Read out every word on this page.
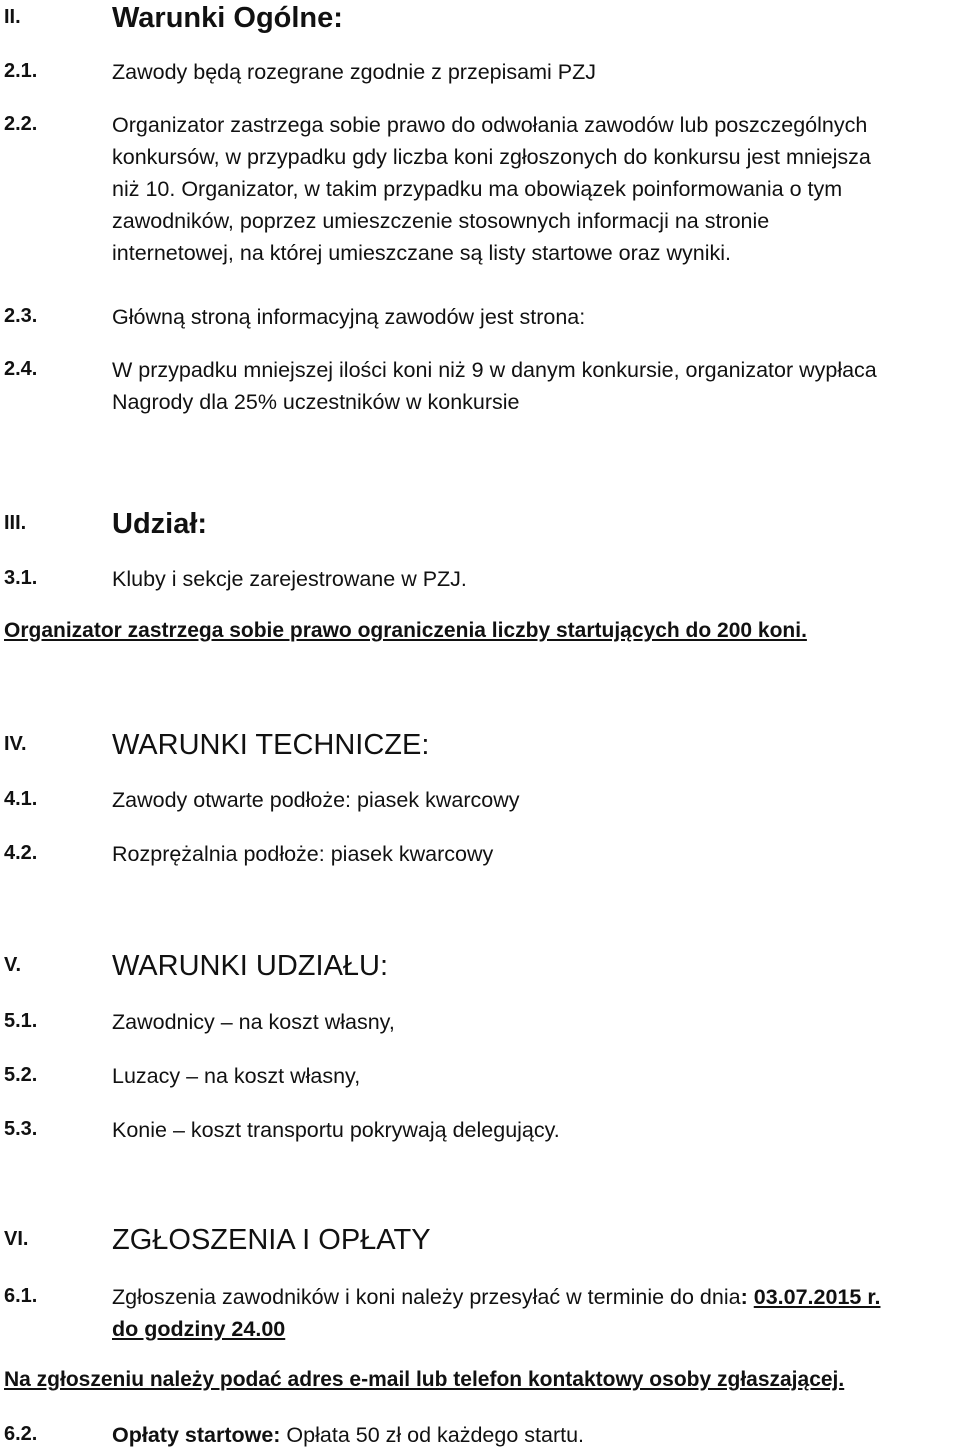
II.	Warunki Ogólne:
2.1.	Zawody będą rozegrane zgodnie z przepisami PZJ
2.2.	Organizator zastrzega sobie prawo do odwołania zawodów lub poszczególnych
konkursów, w przypadku gdy liczba koni zgłoszonych do konkursu jest mniejsza
niż 10. Organizator, w takim przypadku ma obowiązek poinformowania o tym
zawodników, poprzez umieszczenie stosownych informacji na stronie
internetowej, na której umieszczane są listy startowe oraz wyniki.
2.3.	Główną stroną informacyjną zawodów jest strona:
2.4.	W przypadku mniejszej ilości koni niż 9 w danym konkursie, organizator wypłaca
Nagrody dla 25% uczestników w konkursie
III.	Udział:
3.1.	Kluby i sekcje zarejestrowane w PZJ.
Organizator zastrzega sobie prawo ograniczenia liczby startujących do 200 koni.
IV.	WARUNKI TECHNICZE:
4.1.	Zawody otwarte podłoże: piasek kwarcowy
4.2.	Rozprężalnia podłoże: piasek kwarcowy
V.	WARUNKI UDZIAŁU:
5.1.	Zawodnicy – na koszt własny,
5.2.	Luzacy – na koszt własny,
5.3.	Konie – koszt transportu pokrywają delegujący.
VI.	ZGŁOSZENIA I OPŁATY
6.1.	Zgłoszenia zawodników i koni należy przesyłać w terminie do dnia: 03.07.2015 r.
do godziny 24.00
Na zgłoszeniu należy podać adres e-mail lub telefon kontaktowy osoby zgłaszającej.
6.2.	Opłaty startowe: Opłata 50 zł od każdego startu.
